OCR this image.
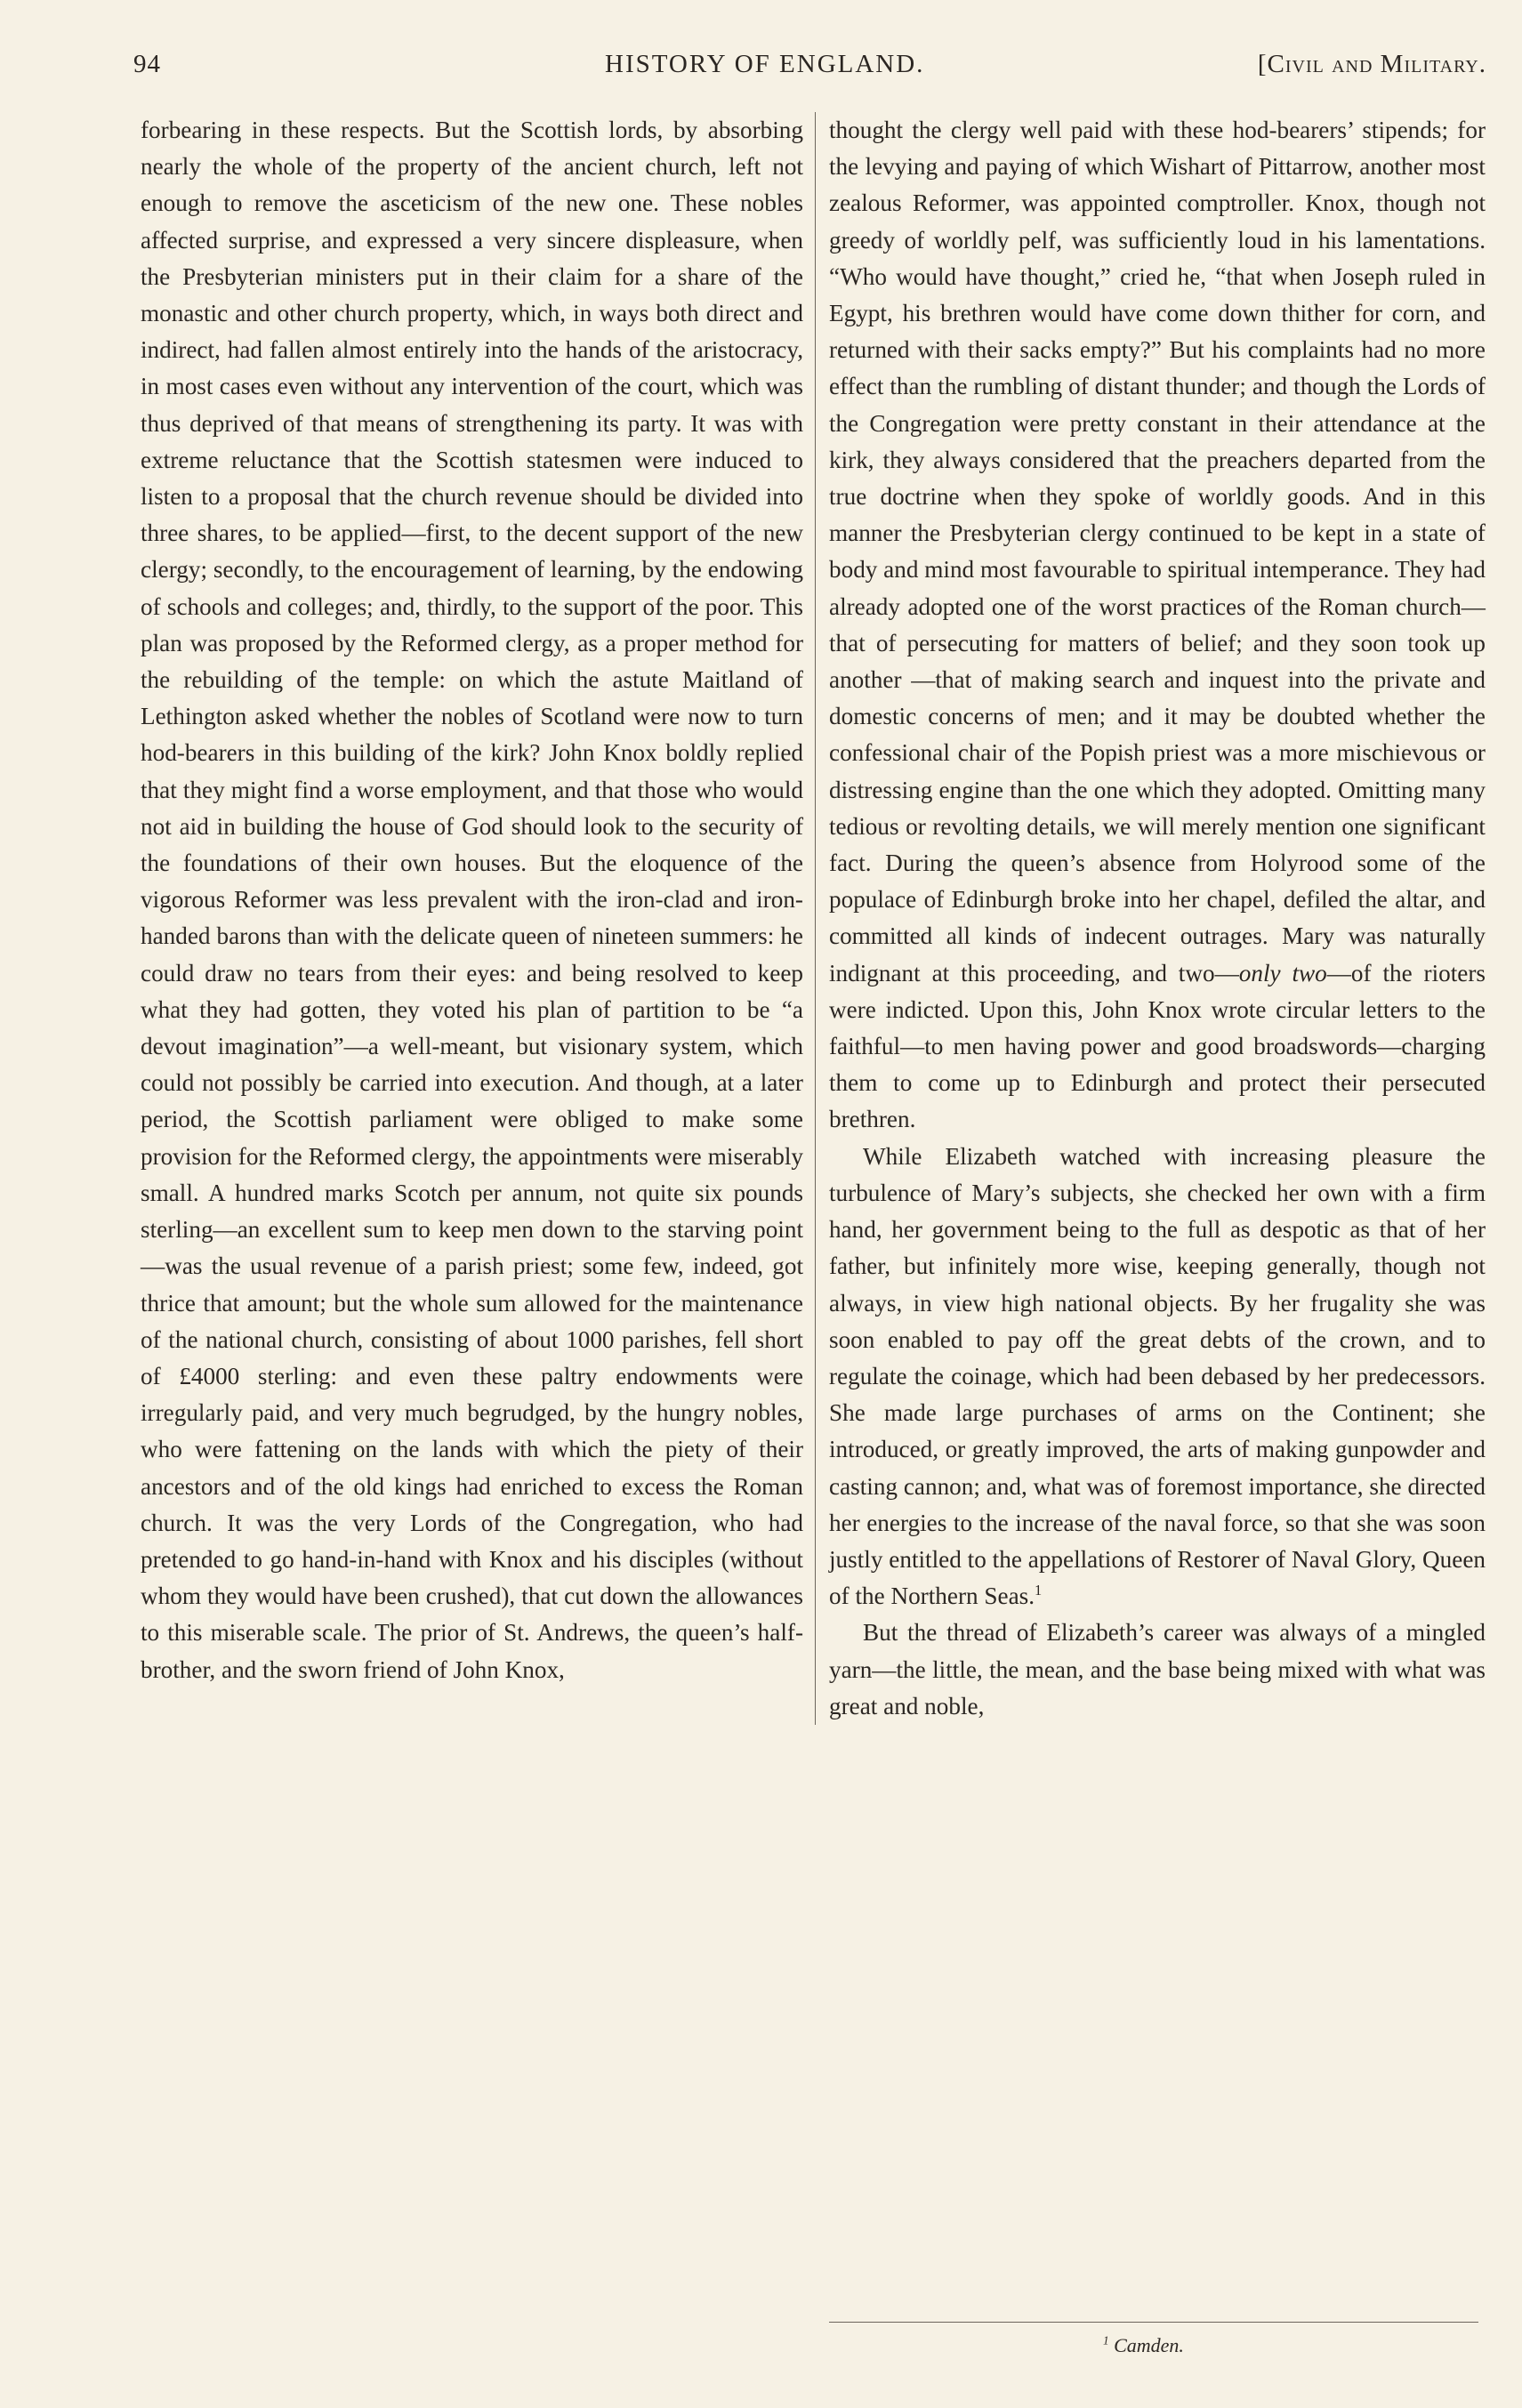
94	HISTORY OF ENGLAND.	[Civil and Military.

forbearing in these respects. But the Scottish lords, by absorbing nearly the whole of the property of the ancient church, left not enough to remove the asceticism of the new one. These nobles affected surprise, and expressed a very sincere displeasure, when the Presbyterian ministers put in their claim for a share of the monastic and other church property, which, in ways both direct and indirect, had fallen almost entirely into the hands of the aristocracy, in most cases even without any intervention of the court, which was thus deprived of that means of strengthening its party. It was with extreme reluctance that the Scottish statesmen were induced to listen to a proposal that the church revenue should be divided into three shares, to be applied—first, to the decent support of the new clergy; secondly, to the encouragement of learning, by the endowing of schools and colleges; and, thirdly, to the support of the poor. This plan was proposed by the Reformed clergy, as a proper method for the rebuilding of the temple: on which the astute Maitland of Lethington asked whether the nobles of Scotland were now to turn hod-bearers in this building of the kirk? John Knox boldly replied that they might find a worse employment, and that those who would not aid in building the house of God should look to the security of the foundations of their own houses. But the eloquence of the vigorous Reformer was less prevalent with the iron-clad and iron-handed barons than with the delicate queen of nineteen summers: he could draw no tears from their eyes: and being resolved to keep what they had gotten, they voted his plan of partition to be “a devout imagination”—a well-meant, but visionary system, which could not possibly be carried into execution. And though, at a later period, the Scottish parliament were obliged to make some provision for the Reformed clergy, the appointments were miserably small. A hundred marks Scotch per annum, not quite six pounds sterling—an excellent sum to keep men down to the starving point —was the usual revenue of a parish priest; some few, indeed, got thrice that amount; but the whole sum allowed for the maintenance of the national church, consisting of about 1000 parishes, fell short of £4000 sterling: and even these paltry endowments were irregularly paid, and very much begrudged, by the hungry nobles, who were fattening on the lands with which the piety of their ancestors and of the old kings had enriched to excess the Roman church. It was the very Lords of the Congregation, who had pretended to go hand-in-hand with Knox and his disciples (without whom they would have been crushed), that cut down the allowances to this miserable scale. The prior of St. Andrews, the queen’s half-brother, and the sworn friend of John Knox,

thought the clergy well paid with these hod-bearers’ stipends; for the levying and paying of which Wishart of Pittarrow, another most zealous Reformer, was appointed comptroller. Knox, though not greedy of worldly pelf, was sufficiently loud in his lamentations. “Who would have thought,” cried he, “that when Joseph ruled in Egypt, his brethren would have come down thither for corn, and returned with their sacks empty?” But his complaints had no more effect than the rumbling of distant thunder; and though the Lords of the Congregation were pretty constant in their attendance at the kirk, they always considered that the preachers departed from the true doctrine when they spoke of worldly goods. And in this manner the Presbyterian clergy continued to be kept in a state of body and mind most favourable to spiritual intemperance. They had already adopted one of the worst practices of the Roman church—that of persecuting for matters of belief; and they soon took up another —that of making search and inquest into the private and domestic concerns of men; and it may be doubted whether the confessional chair of the Popish priest was a more mischievous or distressing engine than the one which they adopted. Omitting many tedious or revolting details, we will merely mention one significant fact. During the queen’s absence from Holyrood some of the populace of Edinburgh broke into her chapel, defiled the altar, and committed all kinds of indecent outrages. Mary was naturally indignant at this proceeding, and two—only two—of the rioters were indicted. Upon this, John Knox wrote circular letters to the faithful—to men having power and good broadswords—charging them to come up to Edinburgh and protect their persecuted brethren.

While Elizabeth watched with increasing pleasure the turbulence of Mary’s subjects, she checked her own with a firm hand, her government being to the full as despotic as that of her father, but infinitely more wise, keeping generally, though not always, in view high national objects. By her frugality she was soon enabled to pay off the great debts of the crown, and to regulate the coinage, which had been debased by her predecessors. She made large purchases of arms on the Continent; she introduced, or greatly improved, the arts of making gunpowder and casting cannon; and, what was of foremost importance, she directed her energies to the increase of the naval force, so that she was soon justly entitled to the appellations of Restorer of Naval Glory, Queen of the Northern Seas.$^1$

But the thread of Elizabeth’s career was always of a mingled yarn—the little, the mean, and the base being mixed with what was great and noble,

$^1$ Camden.
